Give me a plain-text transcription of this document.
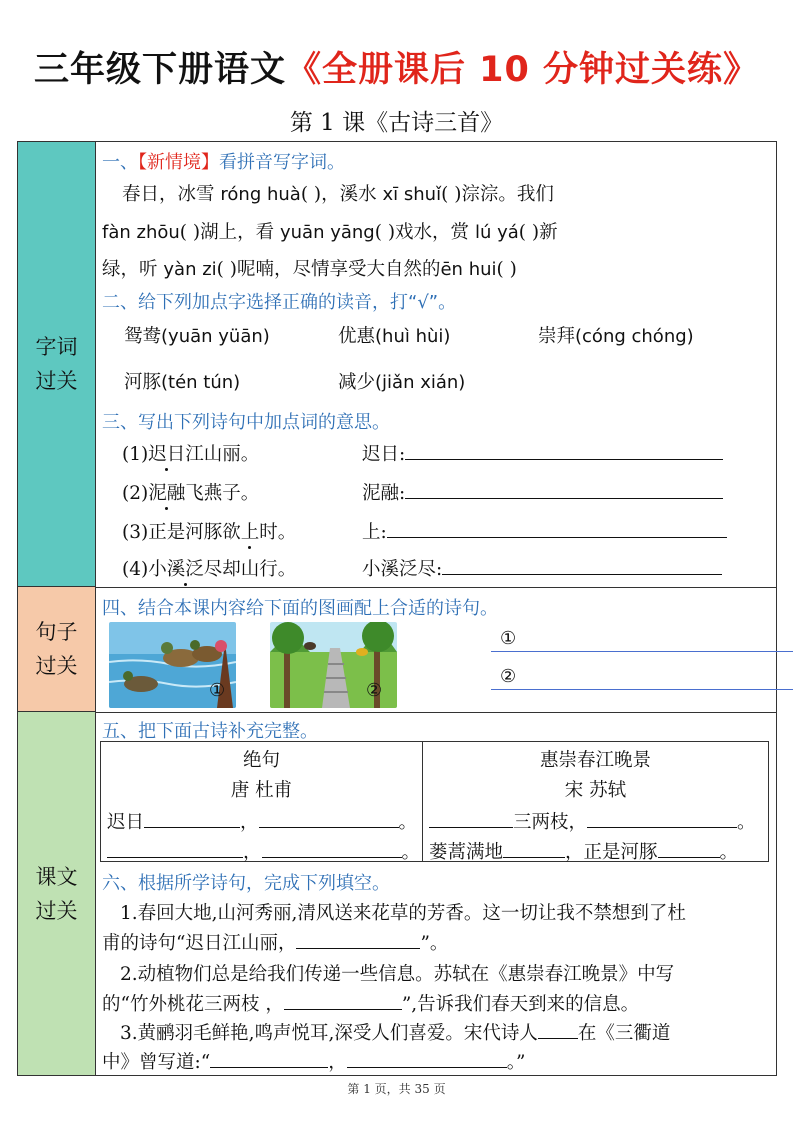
三年级下册语文《全册课后 10 分钟过关练》
第 1 课《古诗三首》
字词
过关
句子
过关
课文
过关
一、【新情境】看拼音写字词。
春日，冰雪 róng huà( )，溪水 xī shuǐ( )淙淙。我们
fàn zhōu( )湖上，看 yuān yāng( )戏水，赏 lú yá( )新
绿，听 yàn zi( )呢喃，尽情享受大自然的ēn hui( )
二、给下列加点字选择正确的读音，打“√”。
鸳鸯(yuān yüān)	优惠(huì hùi)	崇拜(cóng chóng)
河豚(tén tún)	减少(jiǎn xián)
三、写出下列诗句中加点词的意思。
(1)迟日江山丽。	迟日:
(2)泥融飞燕子。	泥融:
(3)正是河豚欲上时。	上:
(4)小溪泛尽却山行。	小溪泛尽:
四、结合本课内容给下面的图画配上合适的诗句。
①	②
①
②
五、把下面古诗补充完整。
绝句
唐 杜甫
迟日	，	。
，	。
惠崇春江晚景
宋 苏轼
三两枝，	。
蒌蒿满地	，正是河豚	。
六、根据所学诗句，完成下列填空。
1.春回大地,山河秀丽,清风送来花草的芳香。这一切让我不禁想到了杜
甫的诗句“迟日江山丽，	”。
2.动植物们总是给我们传递一些信息。苏轼在《惠崇春江晚景》中写
的“竹外桃花三两枝 ，	”,告诉我们春天到来的信息。
3.黄鹂羽毛鲜艳,鸣声悦耳,深受人们喜爱。宋代诗人 在《三衢道
中》曾写道:“	，	。”
第 1 页，共 35 页
